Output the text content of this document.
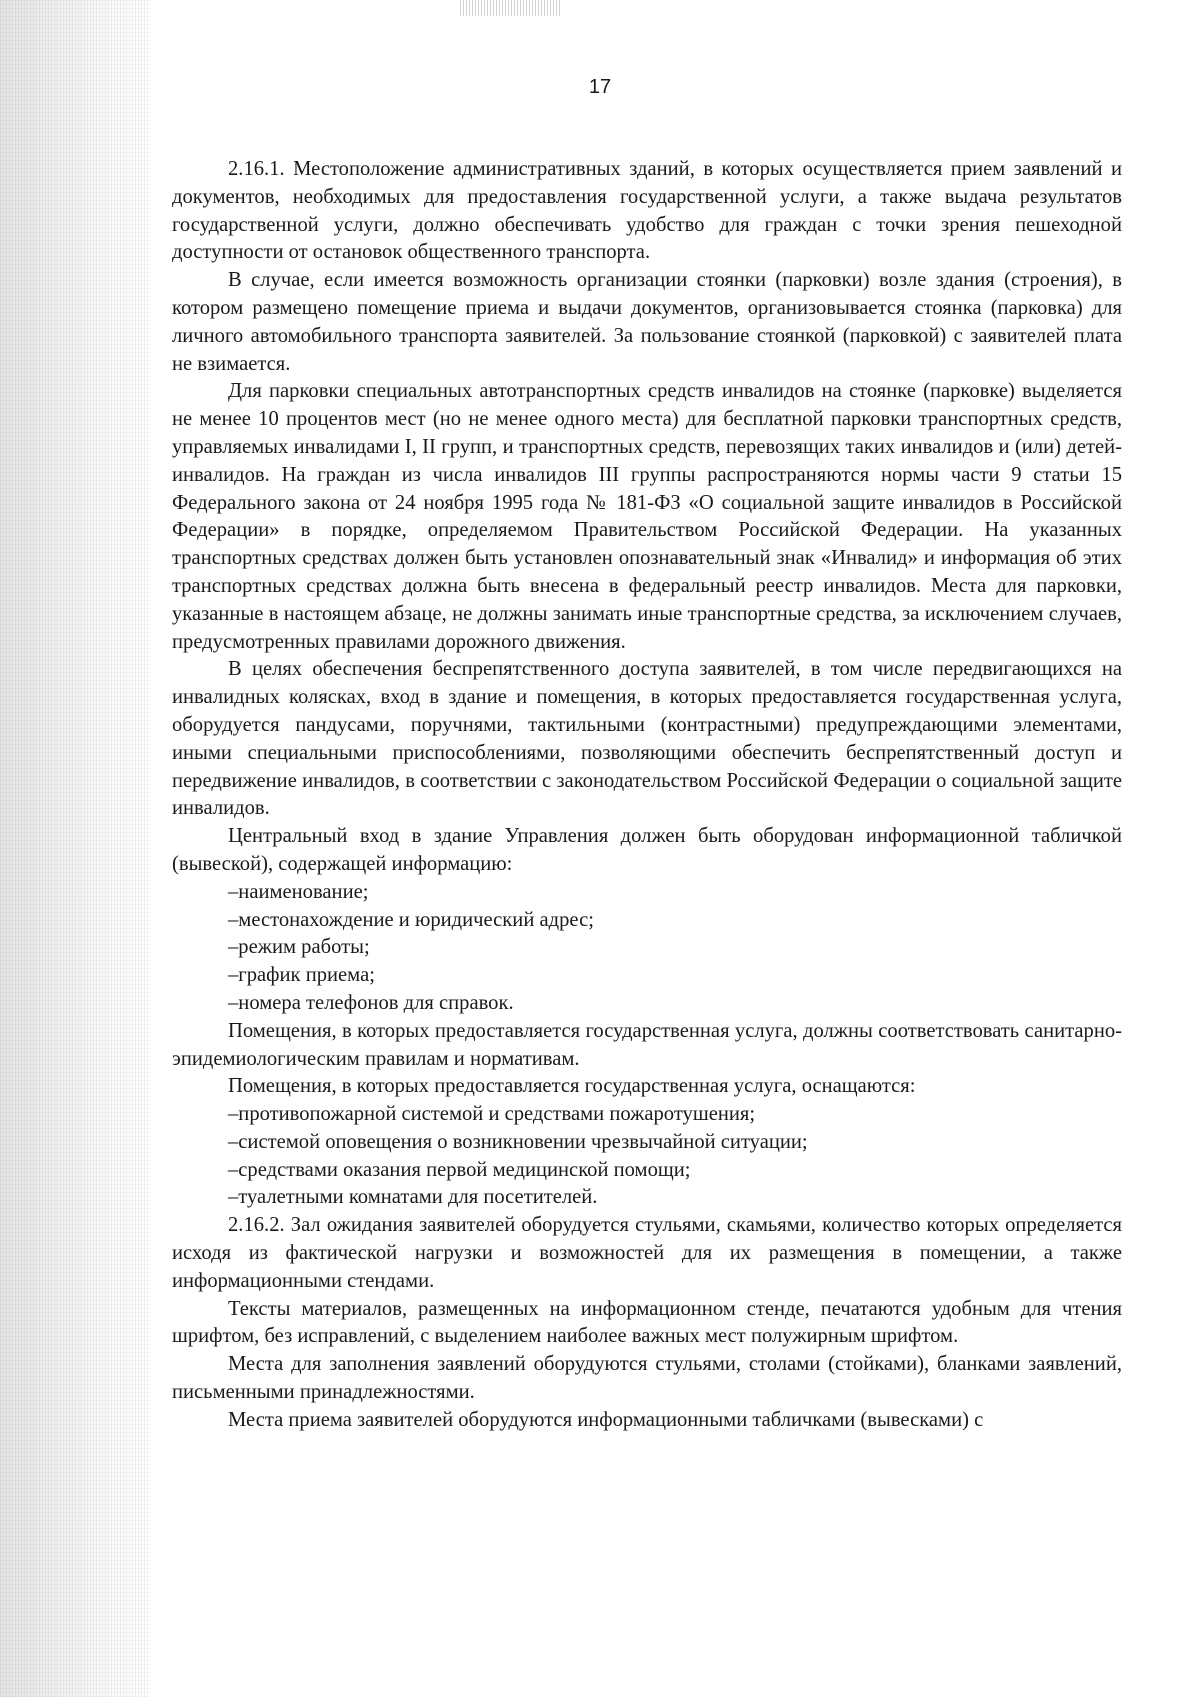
17

2.16.1. Местоположение административных зданий, в которых осуществляется прием заявлений и документов, необходимых для предоставления государственной услуги, а также выдача результатов государственной услуги, должно обеспечивать удобство для граждан с точки зрения пешеходной доступности от остановок общественного транспорта.

В случае, если имеется возможность организации стоянки (парковки) возле здания (строения), в котором размещено помещение приема и выдачи документов, организовывается стоянка (парковка) для личного автомобильного транспорта заявителей. За пользование стоянкой (парковкой) с заявителей плата не взимается.

Для парковки специальных автотранспортных средств инвалидов на стоянке (парковке) выделяется не менее 10 процентов мест (но не менее одного места) для бесплатной парковки транспортных средств, управляемых инвалидами I, II групп, и транспортных средств, перевозящих таких инвалидов и (или) детей-инвалидов. На граждан из числа инвалидов III группы распространяются нормы части 9 статьи 15 Федерального закона от 24 ноября 1995 года № 181-ФЗ «О социальной защите инвалидов в Российской Федерации» в порядке, определяемом Правительством Российской Федерации. На указанных транспортных средствах должен быть установлен опознавательный знак «Инвалид» и информация об этих транспортных средствах должна быть внесена в федеральный реестр инвалидов. Места для парковки, указанные в настоящем абзаце, не должны занимать иные транспортные средства, за исключением случаев, предусмотренных правилами дорожного движения.

В целях обеспечения беспрепятственного доступа заявителей, в том числе передвигающихся на инвалидных колясках, вход в здание и помещения, в которых предоставляется государственная услуга, оборудуется пандусами, поручнями, тактильными (контрастными) предупреждающими элементами, иными специальными приспособлениями, позволяющими обеспечить беспрепятственный доступ и передвижение инвалидов, в соответствии с законодательством Российской Федерации о социальной защите инвалидов.

Центральный вход в здание Управления должен быть оборудован информационной табличкой (вывеской), содержащей информацию:

–наименование;

–местонахождение и юридический адрес;

–режим работы;

–график приема;

–номера телефонов для справок.

Помещения, в которых предоставляется государственная услуга, должны соответствовать санитарно-эпидемиологическим правилам и нормативам.

Помещения, в которых предоставляется государственная услуга, оснащаются:

–противопожарной системой и средствами пожаротушения;

–системой оповещения о возникновении чрезвычайной ситуации;

–средствами оказания первой медицинской помощи;

–туалетными комнатами для посетителей.

2.16.2. Зал ожидания заявителей оборудуется стульями, скамьями, количество которых определяется исходя из фактической нагрузки и возможностей для их размещения в помещении, а также информационными стендами.

Тексты материалов, размещенных на информационном стенде, печатаются удобным для чтения шрифтом, без исправлений, с выделением наиболее важных мест полужирным шрифтом.

Места для заполнения заявлений оборудуются стульями, столами (стойками), бланками заявлений, письменными принадлежностями.

Места приема заявителей оборудуются информационными табличками (вывесками) с
